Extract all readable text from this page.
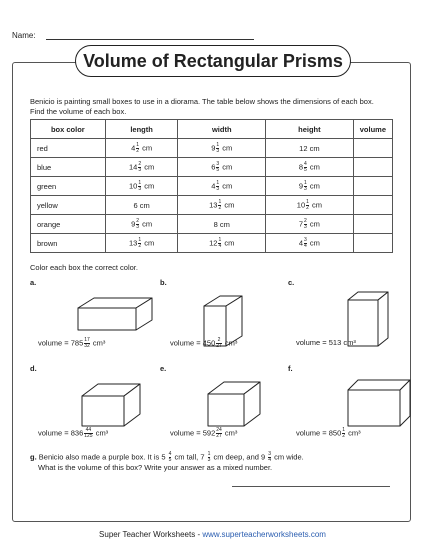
Name:
Volume of Rectangular Prisms
Benicio is painting small boxes to use in a diorama. The table below shows the dimensions of each box. Find the volume of each box.
box color	length	width	height	volume
red	$4 \frac{1}{2}$ cm	$9 \frac{1}{3}$ cm	12 cm	
blue	$14 \frac{2}{3}$ cm	$6 \frac{3}{5}$ cm	$8 \frac{4}{5}$ cm	
green	$10 \frac{1}{3}$ cm	$4 \frac{1}{3}$ cm	$9 \frac{1}{3}$ cm	
yellow	6 cm	$13 \frac{1}{2}$ cm	$10 \frac{1}{2}$ cm	
orange	$9 \frac{2}{3}$ cm	8 cm	$7 \frac{2}{3}$ cm	
brown	$13 \frac{1}{2}$ cm	$12 \frac{1}{4}$ cm	$4 \frac{3}{4}$ cm	
Color each box the correct color.
a.
volume = $785 \frac{17}{32} cm^3$
b.
volume = $450 \frac{2}{27} cm^3$
c.
volume = 513 cm³
d.
volume = $836 \frac{44}{125} cm^3$
e.
volume = $592 \frac{24}{27} cm^3$
f.
volume = $850 \frac{1}{2} cm^3$
g. Benicio also made a purple box. It is $5 \frac{4}{5}$ cm tall, $7 \frac{1}{3}$ cm deep, and $9 \frac{3}{4}$ cm wide.
What is the volume of this box? Write your answer as a mixed number.
Super Teacher Worksheets - www.superteacherworksheets.com
